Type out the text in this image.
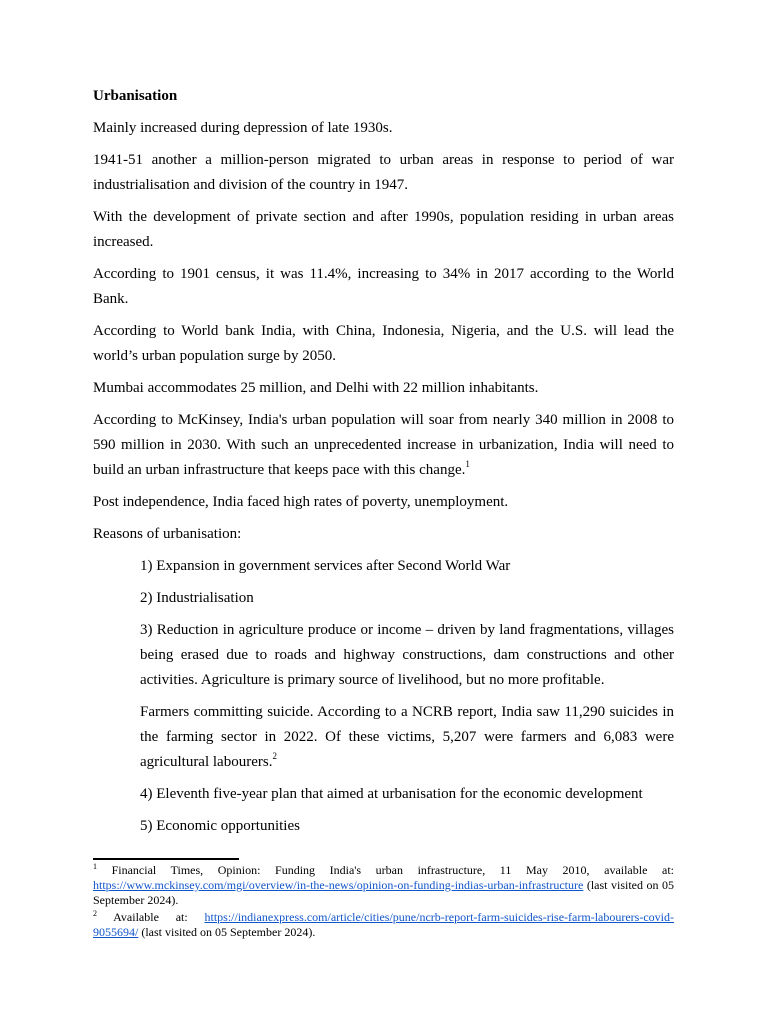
Urbanisation

Mainly increased during depression of late 1930s.

1941-51 another a million-person migrated to urban areas in response to period of war industrialisation and division of the country in 1947.

With the development of private section and after 1990s, population residing in urban areas increased.

According to 1901 census, it was 11.4%, increasing to 34% in 2017 according to the World Bank.

According to World bank India, with China, Indonesia, Nigeria, and the U.S. will lead the world’s urban population surge by 2050.

Mumbai accommodates 25 million, and Delhi with 22 million inhabitants.

According to McKinsey, India's urban population will soar from nearly 340 million in 2008 to 590 million in 2030. With such an unprecedented increase in urbanization, India will need to build an urban infrastructure that keeps pace with this change.$^1$

Post independence, India faced high rates of poverty, unemployment.

Reasons of urbanisation:

1) Expansion in government services after Second World War

2) Industrialisation

3) Reduction in agriculture produce or income – driven by land fragmentations, villages being erased due to roads and highway constructions, dam constructions and other activities. Agriculture is primary source of livelihood, but no more profitable.

Farmers committing suicide. According to a NCRB report, India saw 11,290 suicides in the farming sector in 2022. Of these victims, 5,207 were farmers and 6,083 were agricultural labourers.$^2$

4) Eleventh five-year plan that aimed at urbanisation for the economic development

5) Economic opportunities

$^1$ Financial Times, Opinion: Funding India's urban infrastructure, 11 May 2010, available at: https://www.mckinsey.com/mgi/overview/in-the-news/opinion-on-funding-indias-urban-infrastructure (last visited on 05 September 2024).
$^2$ Available at: https://indianexpress.com/article/cities/pune/ncrb-report-farm-suicides-rise-farm-labourers-covid-9055694/ (last visited on 05 September 2024).
